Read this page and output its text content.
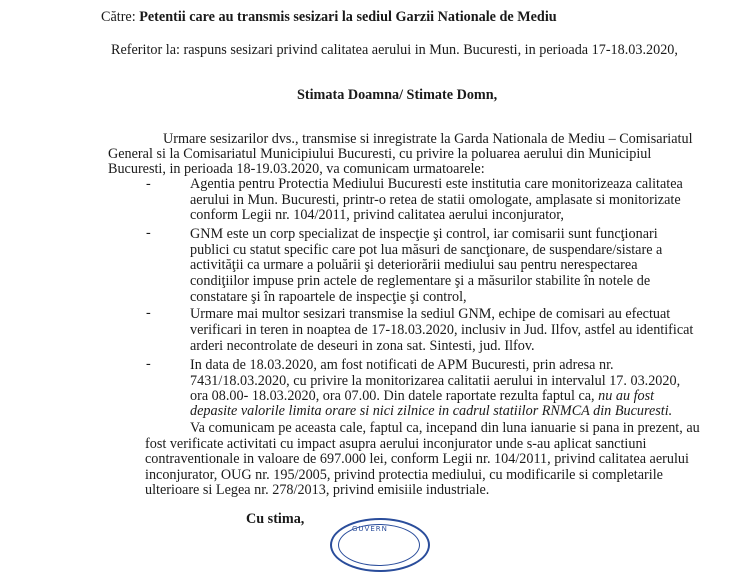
Către: Petentii care au transmis sesizari la sediul Garzii Nationale de Mediu
Referitor la: raspuns sesizari privind calitatea aerului in Mun. Bucuresti, in perioada 17-18.03.2020,
Stimata Doamna/ Stimate Domn,
Urmare sesizarilor dvs., transmise si inregistrate la Garda Nationala de Mediu – Comisariatul
General si la Comisariatul Municipiului Bucuresti, cu privire la poluarea aerului din Municipiul
Bucuresti, in perioada 18-19.03.2020, va comunicam urmatoarele:
-	Agentia pentru Protectia Mediului Bucuresti este institutia care monitorizeaza calitatea
aerului in Mun. Bucuresti, printr-o retea de statii omologate, amplasate si monitorizate
conform Legii nr. 104/2011, privind calitatea aerului inconjurator,
-	GNM este un corp specializat de inspecţie şi control, iar comisarii sunt funcţionari
publici cu statut specific care pot lua măsuri de sancţionare, de suspendare/sistare a
activităţii ca urmare a poluării şi deteriorării mediului sau pentru nerespectarea
condiţiilor impuse prin actele de reglementare şi a măsurilor stabilite în notele de
constatare şi în rapoartele de inspecţie şi control,
-	Urmare mai multor sesizari transmise la sediul GNM, echipe de comisari au efectuat
verificari in teren in noaptea de 17-18.03.2020, inclusiv in Jud. Ilfov, astfel au identificat
arderi necontrolate de deseuri in zona sat. Sintesti, jud. Ilfov.
-	In data de 18.03.2020, am fost notificati de APM Bucuresti, prin adresa nr.
7431/18.03.2020, cu privire la monitorizarea calitatii aerului in intervalul 17. 03.2020,
ora 08.00- 18.03.2020, ora 07.00. Din datele raportate rezulta faptul ca, nu au fost
depasite valorile limita orare si nici zilnice in cadrul statiilor RNMCA din Bucuresti.
Va comunicam pe aceasta cale, faptul ca, incepand din luna ianuarie si pana in prezent, au
fost verificate activitati cu impact asupra aerului inconjurator unde s-au aplicat sanctiuni
contraventionale in valoare de 697.000 lei, conform Legii nr. 104/2011, privind calitatea aerului
inconjurator, OUG nr. 195/2005, privind protectia mediului, cu modificarile si completarile
ulterioare si Legea nr. 278/2013, privind emisiile industriale.
Cu stima,
GUVERN
